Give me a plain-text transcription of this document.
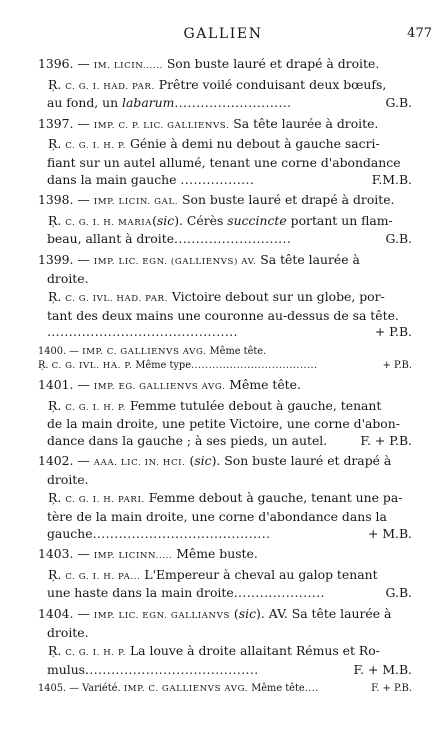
GALLIEN	477
1396. — IM. LICIN...... Son buste lauré et drapé à droite.
Ŗ. C. G. I. HAD. PAR. Prêtre voilé conduisant deux bœufs,
au fond, un labarum...........................	G.B.
1397. — IMP. C. P. LIC. GALLIENVS. Sa tête laurée à droite.
Ŗ. C. G. I. H. P. Génie à demi nu debout à gauche sacri-
fiant sur un autel allumé, tenant une corne d'abondance
dans la main gauche .................	F.M.B.
1398. — IMP. LICIN. GAL. Son buste lauré et drapé à droite.
Ŗ. C. G. I. H. MARIA(sic). Cérès succincte portant un flam-
beau, allant à droite...........................	G.B.
1399. — IMP. LIC. EGN. (GALLIENVS) AV. Sa tête laurée à
droite.
Ŗ. C. G. IVL. HAD. PAR. Victoire debout sur un globe, por-
tant des deux mains une couronne au-dessus de sa tête.
............................................	+ P.B.
1400. — IMP. C. GALLIENVS AVG. Même tête.
Ŗ. C. G. IVL. HA. P. Même type....................................	+ P.B.
1401. — IMP. EG. GALLIENVS AVG. Même tête.
Ŗ. C. G. I. H. P. Femme tutulée debout à gauche, tenant
de la main droite, une petite Victoire, une corne d'abon-
dance dans la gauche ; à ses pieds, un autel.	F. + P.B.
1402. — AAA. LIC. IN. HCI. (sic). Son buste lauré et drapé à
droite.
Ŗ. C. G. I. H. PARI. Femme debout à gauche, tenant une pa-
tère de la main droite, une corne d'abondance dans la
gauche.........................................	+ M.B.
1403. — IMP. LICINN..... Même buste.
Ŗ. C. G. I. H. PA... L'Empereur à cheval au galop tenant
une haste dans la main droite.....................	G.B.
1404. — IMP. LIC. EGN. GALLIANVS (sic). AV. Sa tête laurée à
droite.
Ŗ. C. G. I. H. P. La louve à droite allaitant Rémus et Ro-
mulus........................................	F. + M.B.
1405. — Variété. IMP. C. GALLIENVS AVG. Même tête....	F. + P.B.
